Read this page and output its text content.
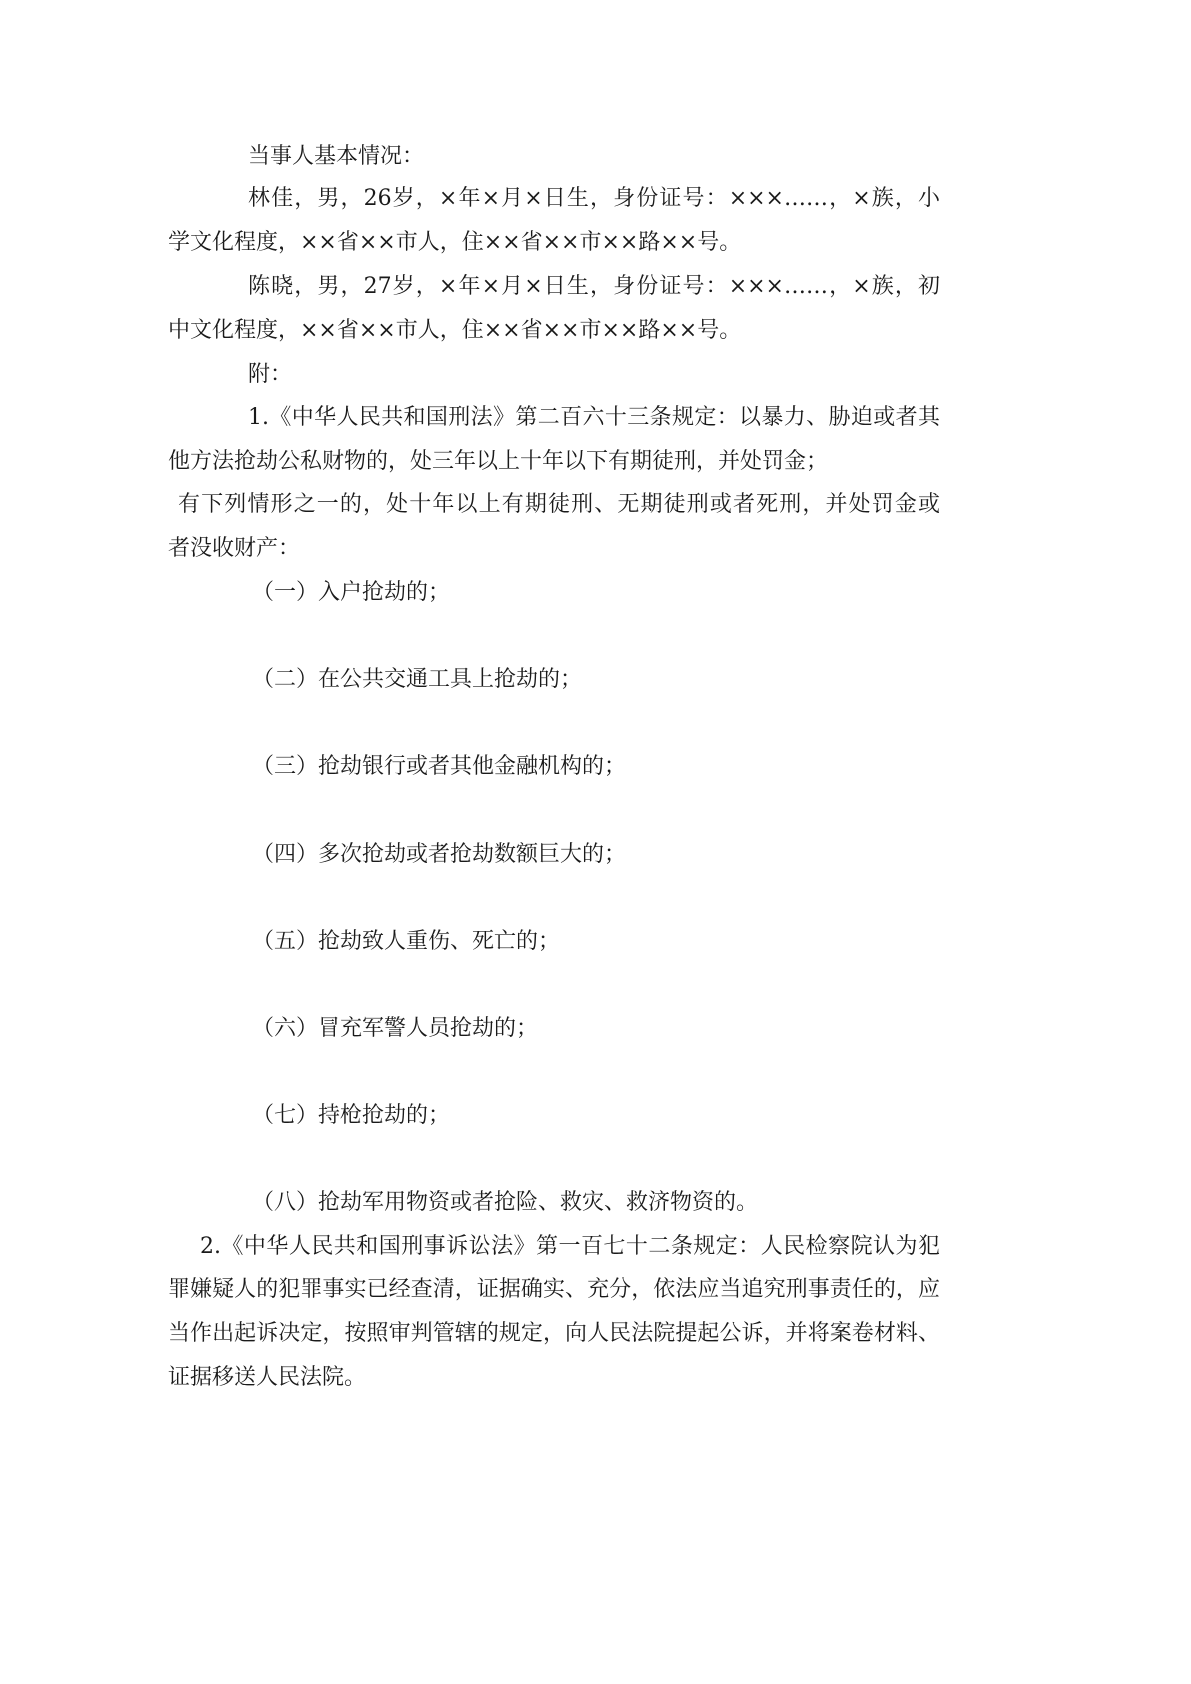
当事人基本情况：
林佳，男，26岁，×年×月×日生，身份证号：×××……，×族，小
学文化程度，××省××市人，住××省××市××路××号。
陈晓，男，27岁，×年×月×日生，身份证号：×××……，×族，初
中文化程度，××省××市人，住××省××市××路××号。
附：
1.《中华人民共和国刑法》第二百六十三条规定：以暴力、胁迫或者其
他方法抢劫公私财物的，处三年以上十年以下有期徒刑，并处罚金；
有下列情形之一的，处十年以上有期徒刑、无期徒刑或者死刑，并处罚金或
者没收财产：
（一）入户抢劫的；
（二）在公共交通工具上抢劫的；
（三）抢劫银行或者其他金融机构的；
（四）多次抢劫或者抢劫数额巨大的；
（五）抢劫致人重伤、死亡的；
（六）冒充军警人员抢劫的；
（七）持枪抢劫的；
（八）抢劫军用物资或者抢险、救灾、救济物资的。
2.《中华人民共和国刑事诉讼法》第一百七十二条规定：人民检察院认为犯
罪嫌疑人的犯罪事实已经查清，证据确实、充分，依法应当追究刑事责任的，应
当作出起诉决定，按照审判管辖的规定，向人民法院提起公诉，并将案卷材料、
证据移送人民法院。
